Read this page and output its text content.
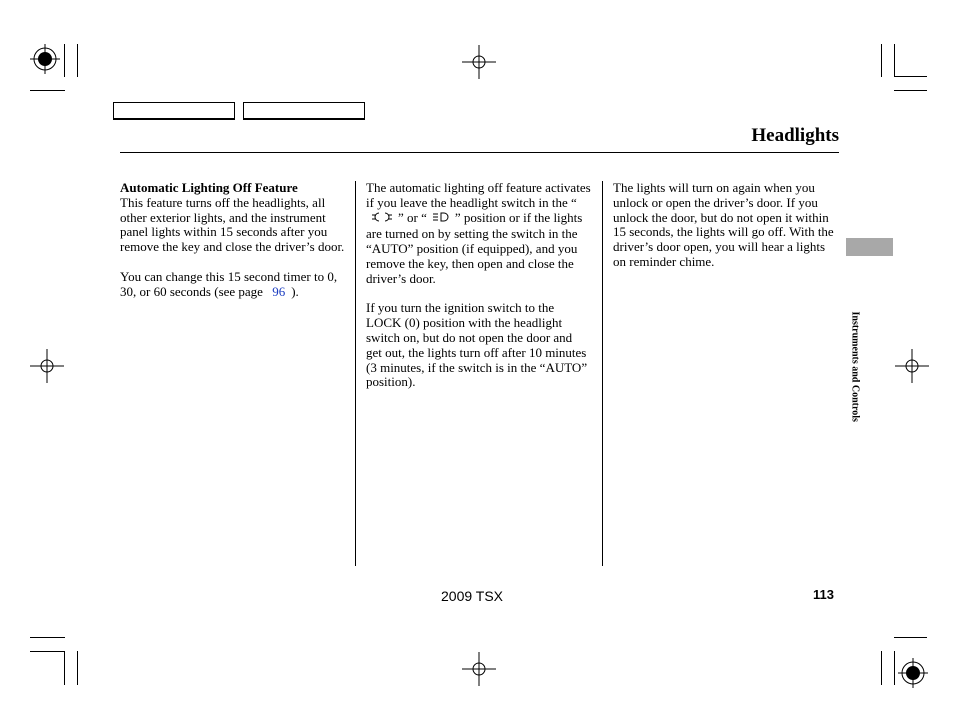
Headlights

Automatic Lighting Off Feature
This feature turns off the headlights, all other exterior lights, and the instrument panel lights within 15 seconds after you remove the key and close the driver’s door.

You can change this 15 second timer to 0, 30, or 60 seconds (see page 96 ).

The automatic lighting off feature activates if you leave the headlight switch in the “” or “ ” position or if the lights are turned on by setting the switch in the “AUTO” position (if equipped), and you remove the key, then open and close the driver’s door.

If you turn the ignition switch to the LOCK (0) position with the headlight switch on, but do not open the door and get out, the lights turn off after 10 minutes (3 minutes, if the switch is in the “AUTO” position).

The lights will turn on again when you unlock or open the driver’s door. If you unlock the door, but do not open it within 15 seconds, the lights will go off. With the driver’s door open, you will hear a lights on reminder chime.

Instruments and Controls
2009 TSX	113
